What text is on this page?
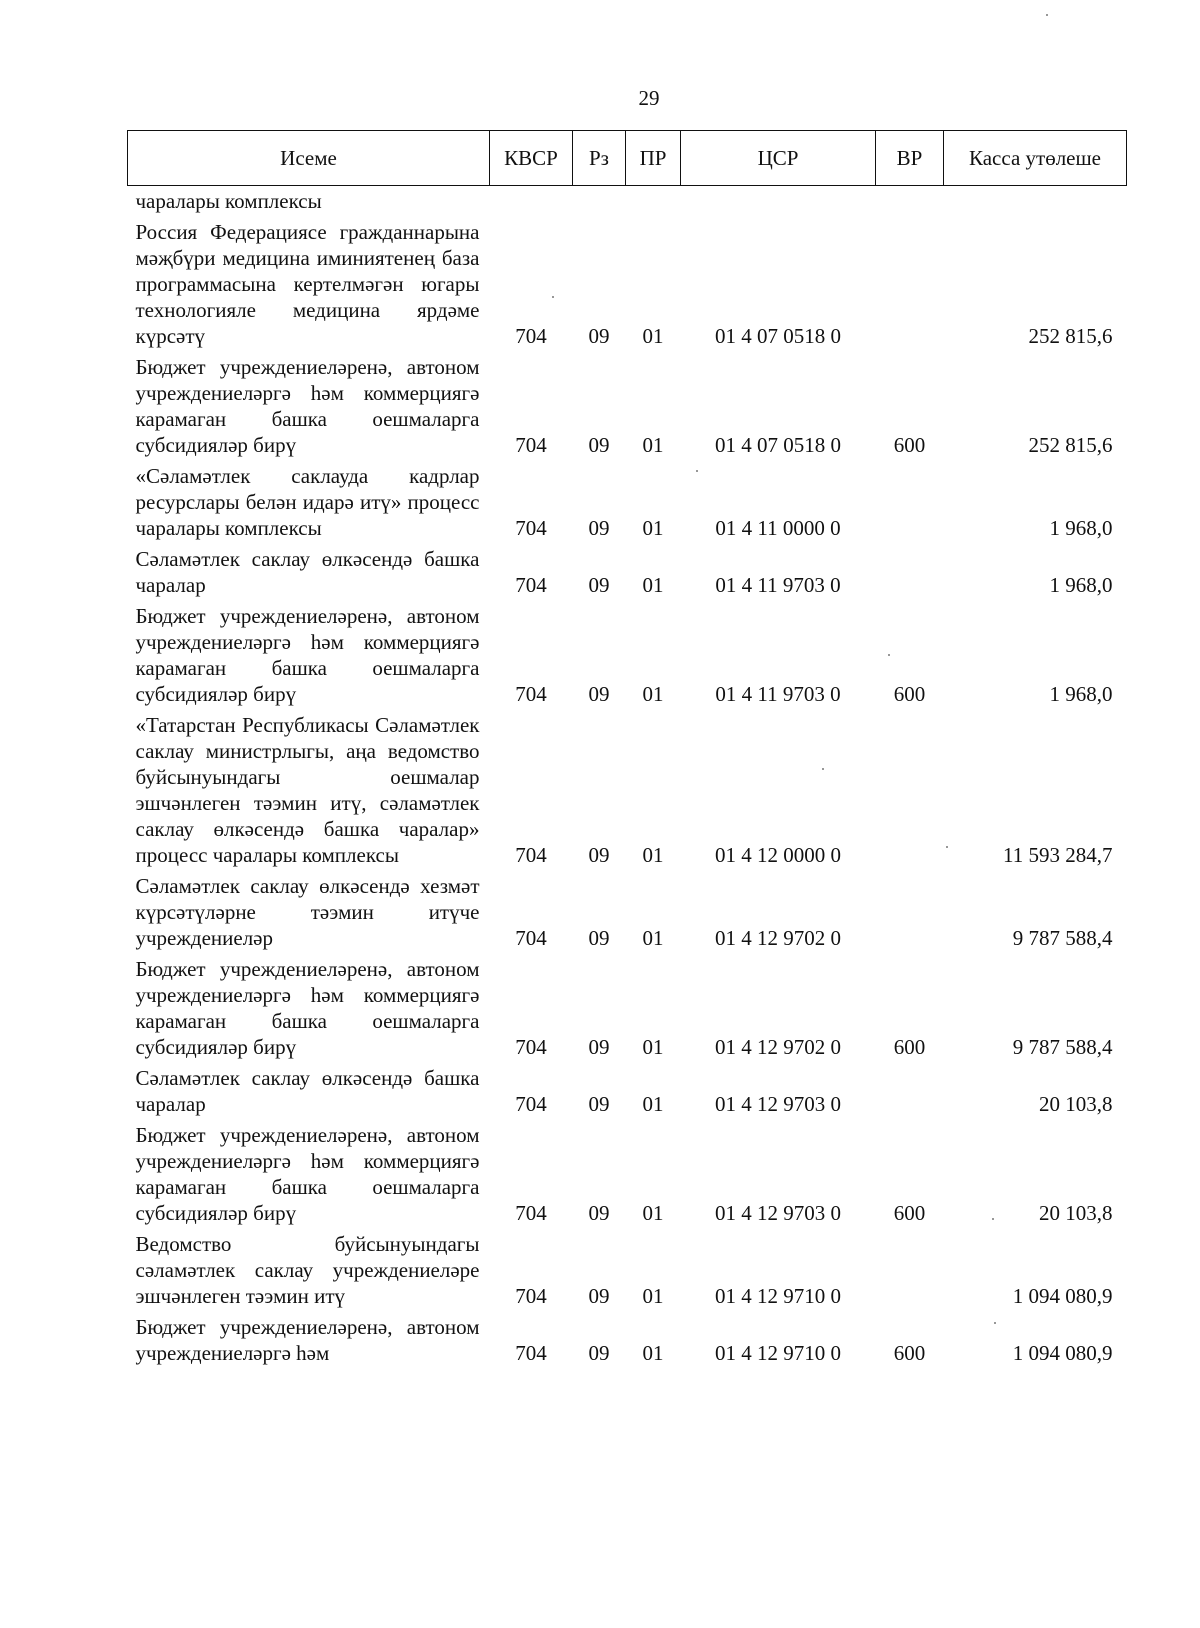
29
Исеме	КВСР	Рз	ПР	ЦСР	ВР	Касса утөлеше
чаралары комплексы						
Россия Федерациясе гражданнарына мәҗбүри медицина иминиятенең база программасына кертелмәгән югары технологияле медицина ярдәме күрсәтү	704	09	01	01 4 07 0518 0		252 815,6
Бюджет учреждениеләренә, автоном учреждениеләргә һәм коммерциягә карамаган башка оешмаларга субсидияләр бирү	704	09	01	01 4 07 0518 0	600	252 815,6
«Сәламәтлек саклауда кадрлар ресурслары белән идарә итү» процесс чаралары комплексы	704	09	01	01 4 11 0000 0		1 968,0
Сәламәтлек саклау өлкәсендә башка чаралар	704	09	01	01 4 11 9703 0		1 968,0
Бюджет учреждениеләренә, автоном учреждениеләргә һәм коммерциягә карамаган башка оешмаларга субсидияләр бирү	704	09	01	01 4 11 9703 0	600	1 968,0
«Татарстан Республикасы Сәламәтлек саклау министрлыгы, аңа ведомство буйсынуындагы оешмалар эшчәнлеген тәэмин итү, сәламәтлек саклау өлкәсендә башка чаралар» процесс чаралары комплексы	704	09	01	01 4 12 0000 0		11 593 284,7
Сәламәтлек саклау өлкәсендә хезмәт күрсәтүләрне тәэмин итүче учреждениеләр	704	09	01	01 4 12 9702 0		9 787 588,4
Бюджет учреждениеләренә, автоном учреждениеләргә һәм коммерциягә карамаган башка оешмаларга субсидияләр бирү	704	09	01	01 4 12 9702 0	600	9 787 588,4
Сәламәтлек саклау өлкәсендә башка чаралар	704	09	01	01 4 12 9703 0		20 103,8
Бюджет учреждениеләренә, автоном учреждениеләргә һәм коммерциягә карамаган башка оешмаларга субсидияләр бирү	704	09	01	01 4 12 9703 0	600	20 103,8
Ведомство буйсынуындагы сәламәтлек саклау учреждениеләре эшчәнлеген тәэмин итү	704	09	01	01 4 12 9710 0		1 094 080,9
Бюджет учреждениеләренә, автоном учреждениеләргә һәм	704	09	01	01 4 12 9710 0	600	1 094 080,9
